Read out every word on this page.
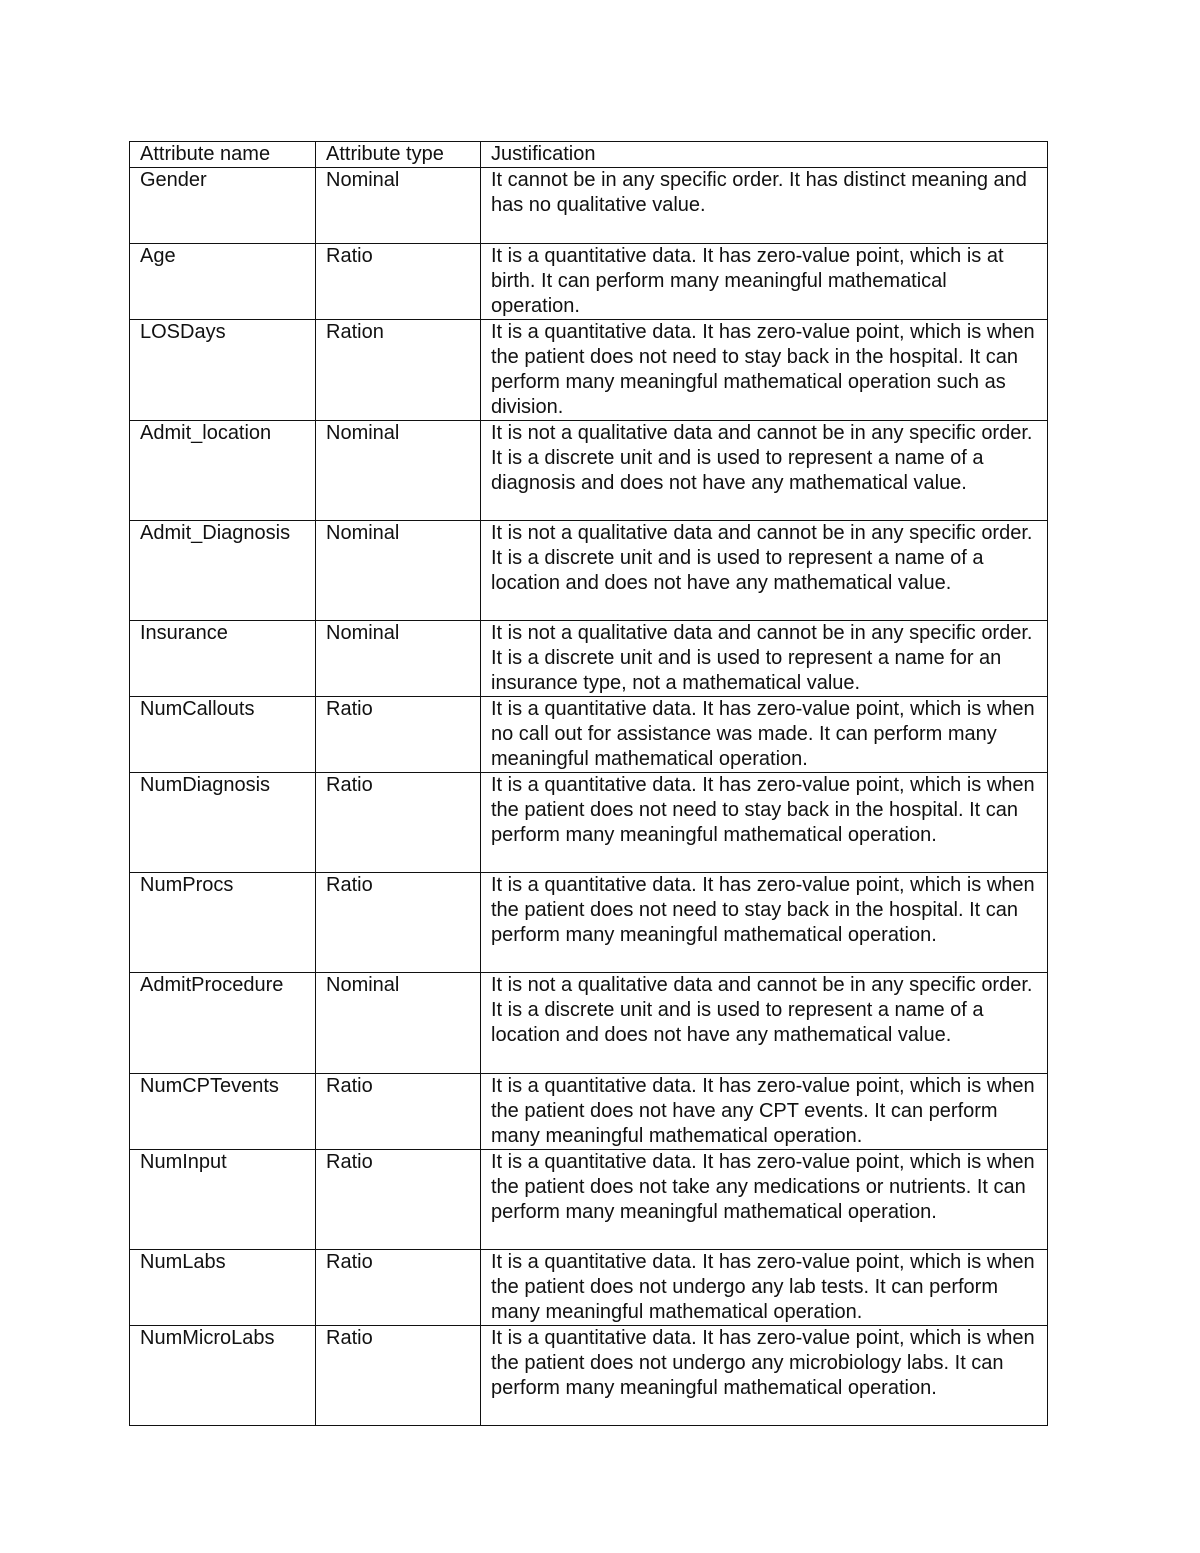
Attribute name	Attribute type	Justification
Gender	Nominal	It cannot be in any specific order. It has distinct meaning and has no qualitative value.
Age	Ratio	It is a quantitative data. It has zero-value point, which is at birth. It can perform many meaningful mathematical operation.
LOSDays	Ration	It is a quantitative data. It has zero-value point, which is when the patient does not need to stay back in the hospital. It can perform many meaningful mathematical operation such as division.
Admit_location	Nominal	It is not a qualitative data and cannot be in any specific order. It is a discrete unit and is used to represent a name of a diagnosis and does not have any mathematical value.
Admit_Diagnosis	Nominal	It is not a qualitative data and cannot be in any specific order. It is a discrete unit and is used to represent a name of a location and does not have any mathematical value.
Insurance	Nominal	It is not a qualitative data and cannot be in any specific order. It is a discrete unit and is used to represent a name for an insurance type, not a mathematical value.
NumCallouts	Ratio	It is a quantitative data. It has zero-value point, which is when no call out for assistance was made. It can perform many meaningful mathematical operation.
NumDiagnosis	Ratio	It is a quantitative data. It has zero-value point, which is when the patient does not need to stay back in the hospital. It can perform many meaningful mathematical operation.
NumProcs	Ratio	It is a quantitative data. It has zero-value point, which is when the patient does not need to stay back in the hospital. It can perform many meaningful mathematical operation.
AdmitProcedure	Nominal	It is not a qualitative data and cannot be in any specific order. It is a discrete unit and is used to represent a name of a location and does not have any mathematical value.
NumCPTevents	Ratio	It is a quantitative data. It has zero-value point, which is when the patient does not have any CPT events. It can perform many meaningful mathematical operation.
NumInput	Ratio	It is a quantitative data. It has zero-value point, which is when the patient does not take any medications or nutrients. It can perform many meaningful mathematical operation.
NumLabs	Ratio	It is a quantitative data. It has zero-value point, which is when the patient does not undergo any lab tests. It can perform many meaningful mathematical operation.
NumMicroLabs	Ratio	It is a quantitative data. It has zero-value point, which is when the patient does not undergo any microbiology labs. It can perform many meaningful mathematical operation.
